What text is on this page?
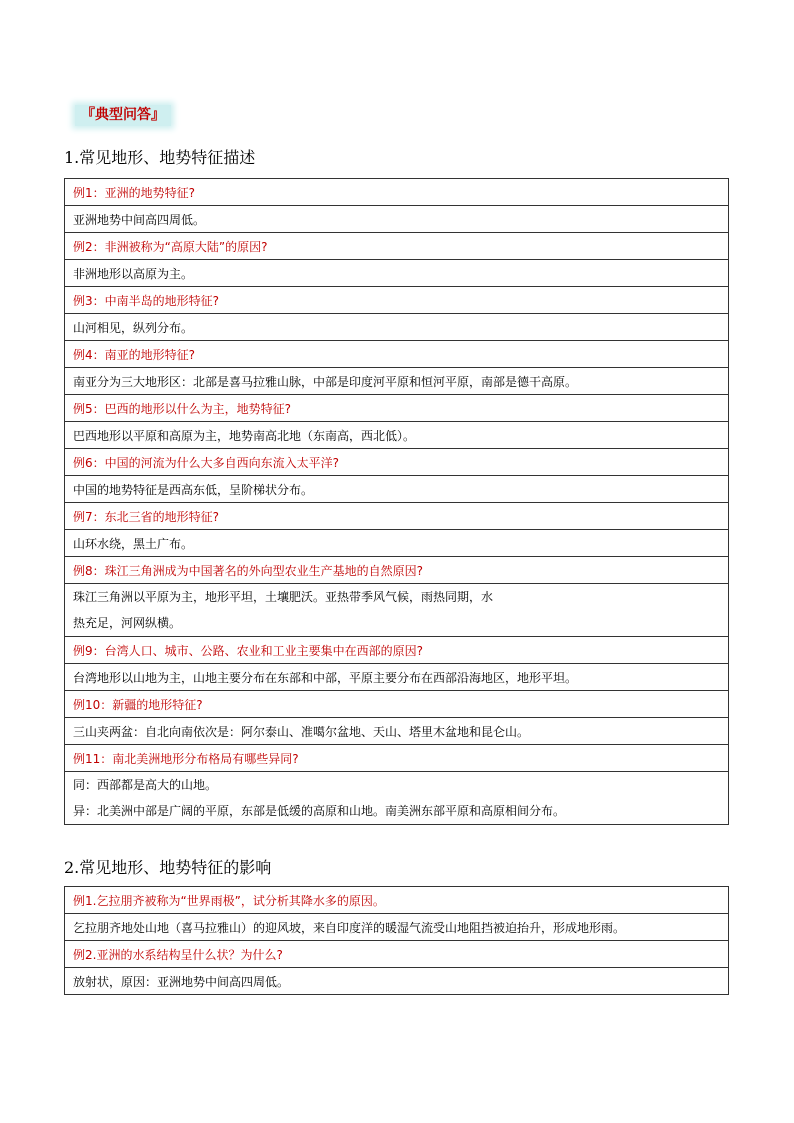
『典型问答』
1.常见地形、地势特征描述
例1：亚洲的地势特征?
亚洲地势中间高四周低。
例2：非洲被称为“高原大陆”的原因?
非洲地形以高原为主。
例3：中南半岛的地形特征?
山河相见，纵列分布。
例4：南亚的地形特征?
南亚分为三大地形区：北部是喜马拉雅山脉，中部是印度河平原和恒河平原，南部是德干高原。
例5：巴西的地形以什么为主，地势特征?
巴西地形以平原和高原为主，地势南高北地（东南高，西北低）。
例6：中国的河流为什么大多自西向东流入太平洋?
中国的地势特征是西高东低，呈阶梯状分布。
例7：东北三省的地形特征?
山环水绕，黑土广布。
例8：珠江三角洲成为中国著名的外向型农业生产基地的自然原因?

珠江三角洲以平原为主，地形平坦，土壤肥沃。亚热带季风气候，雨热同期，水
热充足，河网纵横。

例9：台湾人口、城市、公路、农业和工业主要集中在西部的原因?
台湾地形以山地为主，山地主要分布在东部和中部，平原主要分布在西部沿海地区，地形平坦。
例10：新疆的地形特征?
三山夹两盆：自北向南依次是：阿尔泰山、准噶尔盆地、天山、塔里木盆地和昆仑山。
例11：南北美洲地形分布格局有哪些异同?

同：西部都是高大的山地。
异：北美洲中部是广阔的平原，东部是低缓的高原和山地。南美洲东部平原和高原相间分布。
2.常见地形、地势特征的影响
例1.乞拉朋齐被称为“世界雨极”，试分析其降水多的原因。
乞拉朋齐地处山地（喜马拉雅山）的迎风坡，来自印度洋的暖湿气流受山地阻挡被迫抬升，形成地形雨。
例2.亚洲的水系结构呈什么状？为什么?
放射状，原因：亚洲地势中间高四周低。
